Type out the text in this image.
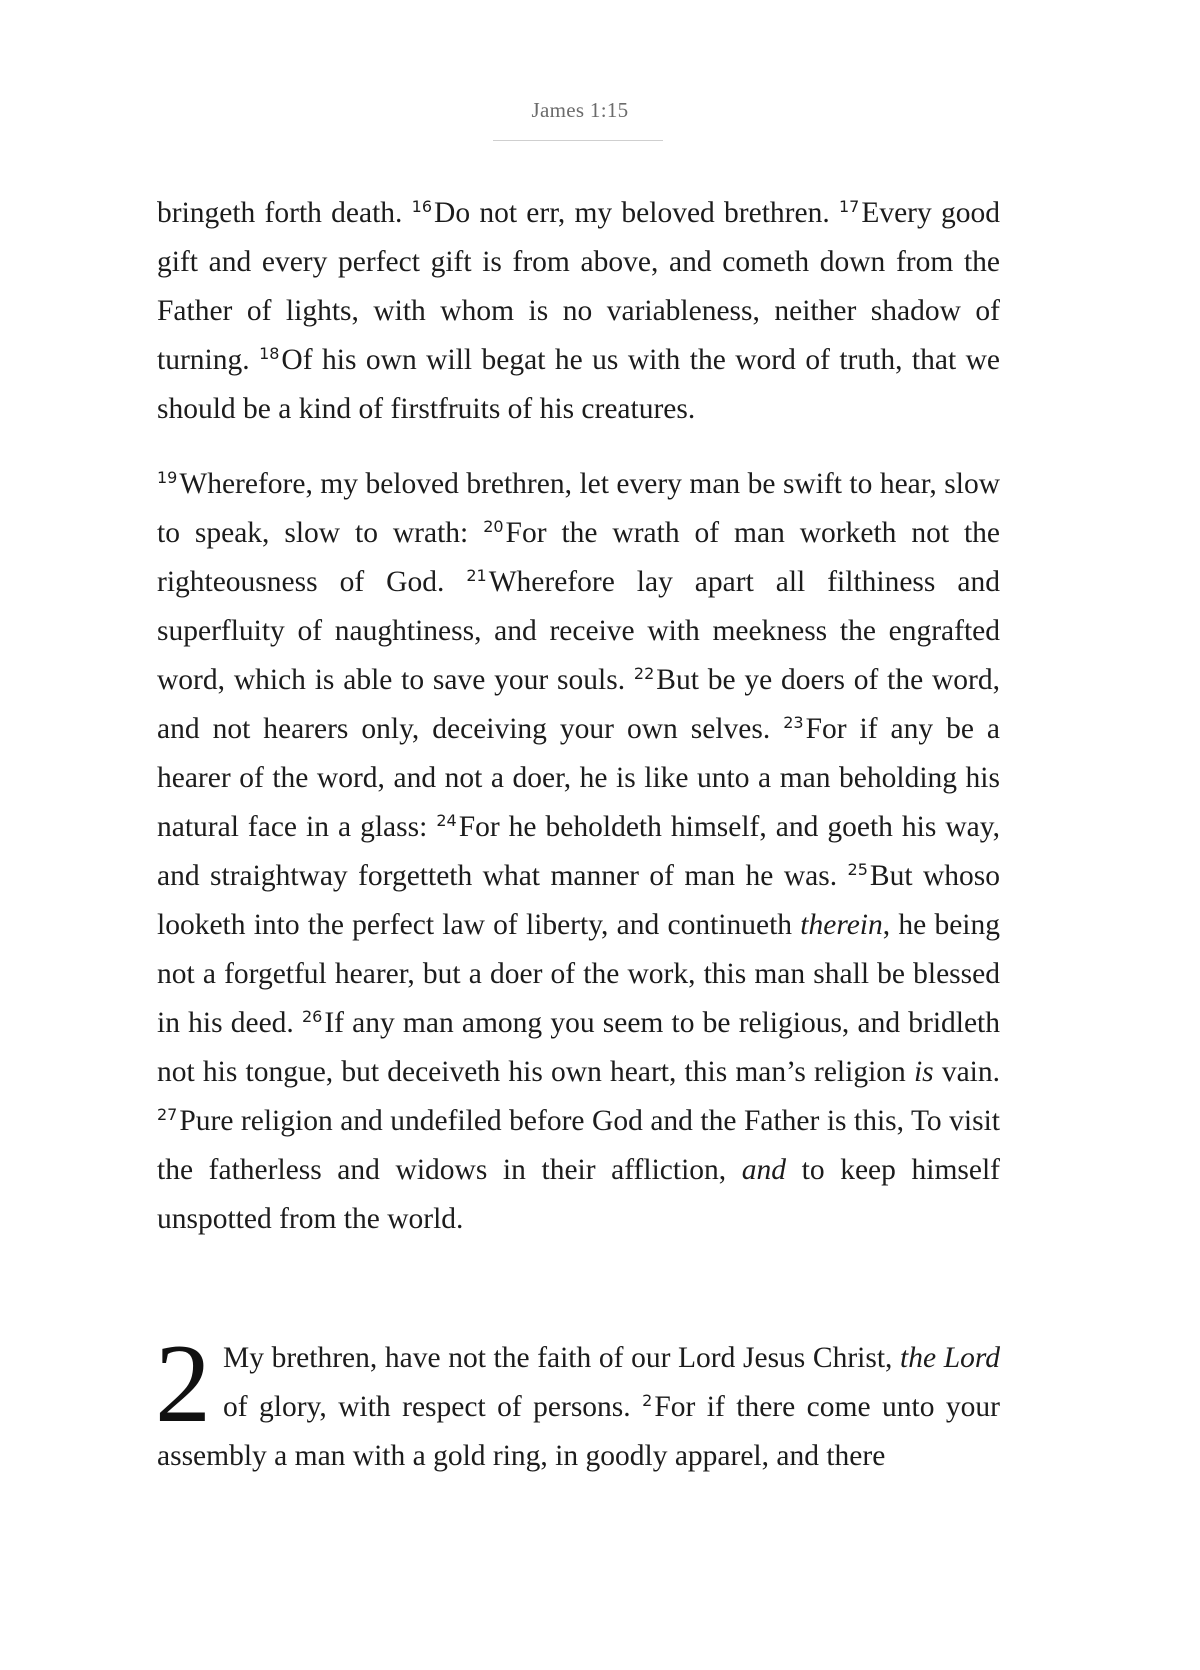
James 1:15

bringeth forth death. $^{16}$Do not err, my beloved brethren. $^{17}$Every good gift and every perfect gift is from above, and cometh down from the Father of lights, with whom is no variableness, neither shadow of turning. $^{18}$Of his own will begat he us with the word of truth, that we should be a kind of firstfruits of his creatures.

$^{19}$Wherefore, my beloved brethren, let every man be swift to hear, slow to speak, slow to wrath: $^{20}$For the wrath of man worketh not the righteousness of God. $^{21}$Wherefore lay apart all filthiness and superfluity of naughtiness, and receive with meekness the engrafted word, which is able to save your souls. $^{22}$But be ye doers of the word, and not hearers only, deceiving your own selves. $^{23}$For if any be a hearer of the word, and not a doer, he is like unto a man beholding his natural face in a glass: $^{24}$For he beholdeth himself, and goeth his way, and straightway forgetteth what manner of man he was. $^{25}$But whoso looketh into the perfect law of liberty, and continueth therein, he being not a forgetful hearer, but a doer of the work, this man shall be blessed in his deed. $^{26}$If any man among you seem to be religious, and bridleth not his tongue, but deceiveth his own heart, this man’s religion is vain. $^{27}$Pure religion and undefiled before God and the Father is this, To visit the fatherless and widows in their affliction, and to keep himself unspotted from the world.

2 My brethren, have not the faith of our Lord Jesus Christ, the Lord of glory, with respect of persons. $^2$For if there come unto your assembly a man with a gold ring, in goodly apparel, and there
